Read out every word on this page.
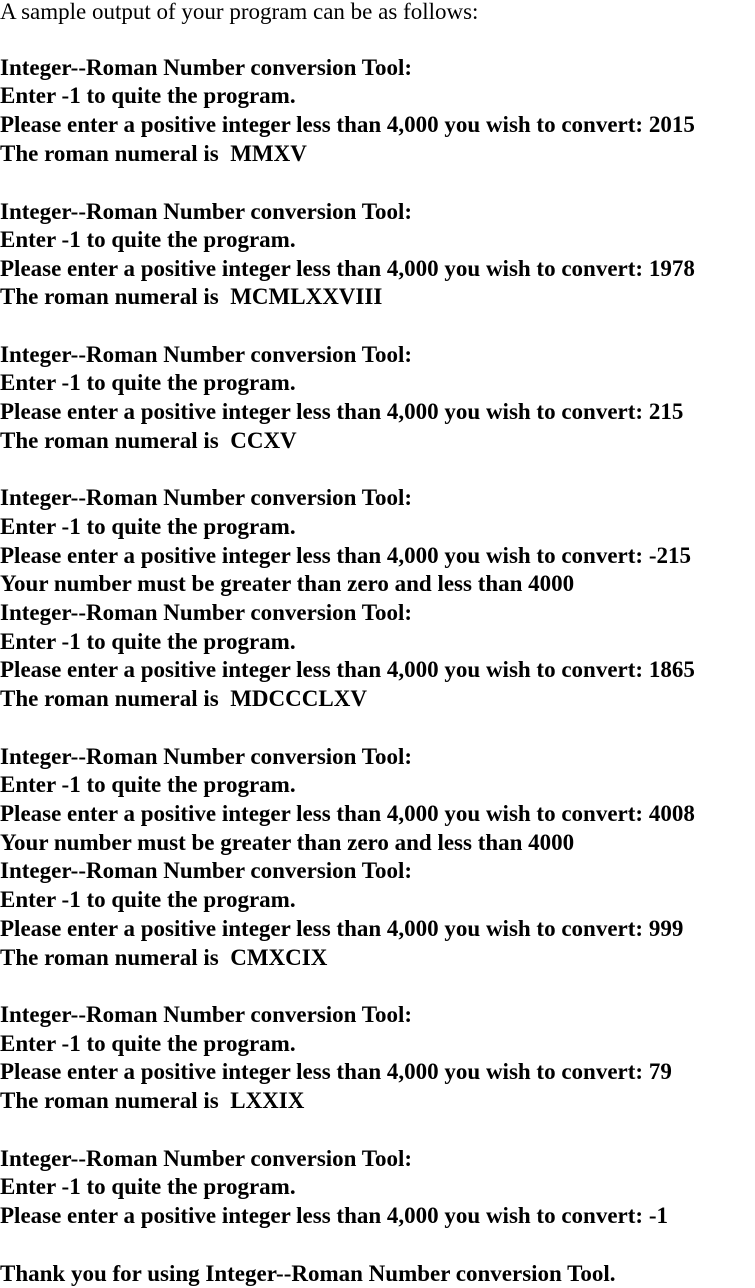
A sample output of your program can be as follows:
Integer--Roman Number conversion Tool:
Enter -1 to quite the program.
Please enter a positive integer less than 4,000 you wish to convert: 2015
The roman numeral is  MMXV
Integer--Roman Number conversion Tool:
Enter -1 to quite the program.
Please enter a positive integer less than 4,000 you wish to convert: 1978
The roman numeral is  MCMLXXVIII
Integer--Roman Number conversion Tool:
Enter -1 to quite the program.
Please enter a positive integer less than 4,000 you wish to convert: 215
The roman numeral is  CCXV
Integer--Roman Number conversion Tool:
Enter -1 to quite the program.
Please enter a positive integer less than 4,000 you wish to convert: -215
Your number must be greater than zero and less than 4000
Integer--Roman Number conversion Tool:
Enter -1 to quite the program.
Please enter a positive integer less than 4,000 you wish to convert: 1865
The roman numeral is  MDCCCLXV
Integer--Roman Number conversion Tool:
Enter -1 to quite the program.
Please enter a positive integer less than 4,000 you wish to convert: 4008
Your number must be greater than zero and less than 4000
Integer--Roman Number conversion Tool:
Enter -1 to quite the program.
Please enter a positive integer less than 4,000 you wish to convert: 999
The roman numeral is  CMXCIX
Integer--Roman Number conversion Tool:
Enter -1 to quite the program.
Please enter a positive integer less than 4,000 you wish to convert: 79
The roman numeral is  LXXIX
Integer--Roman Number conversion Tool:
Enter -1 to quite the program.
Please enter a positive integer less than 4,000 you wish to convert: -1
Thank you for using Integer--Roman Number conversion Tool.
